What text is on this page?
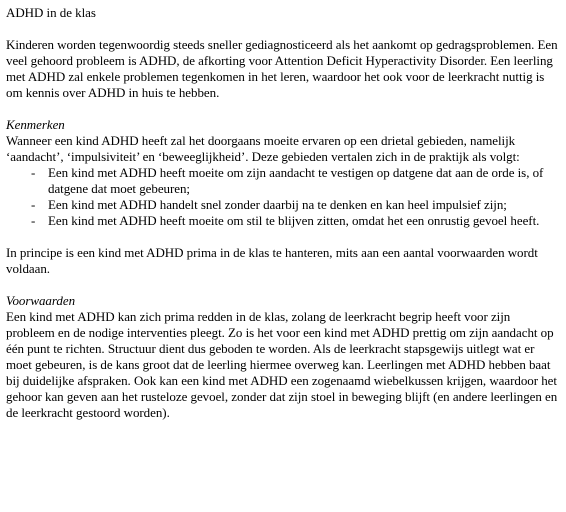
ADHD in de klas

Kinderen worden tegenwoordig steeds sneller gediagnosticeerd als het aankomt op gedragsproblemen. Een veel gehoord probleem is ADHD, de afkorting voor Attention Deficit Hyperactivity Disorder. Een leerling met ADHD zal enkele problemen tegenkomen in het leren, waardoor het ook voor de leerkracht nuttig is om kennis over ADHD in huis te hebben.

Kenmerken

Wanneer een kind ADHD heeft zal het doorgaans moeite ervaren op een drietal gebieden, namelijk ‘aandacht’, ‘impulsiviteit’ en ‘beweeglijkheid’. Deze gebieden vertalen zich in de praktijk als volgt:

- Een kind met ADHD heeft moeite om zijn aandacht te vestigen op datgene dat aan de orde is, of datgene dat moet gebeuren;
- Een kind met ADHD handelt snel zonder daarbij na te denken en kan heel impulsief zijn;
- Een kind met ADHD heeft moeite om stil te blijven zitten, omdat het een onrustig gevoel heeft.

In principe is een kind met ADHD prima in de klas te hanteren, mits aan een aantal voorwaarden wordt voldaan.

Voorwaarden

Een kind met ADHD kan zich prima redden in de klas, zolang de leerkracht begrip heeft voor zijn probleem en de nodige interventies pleegt. Zo is het voor een kind met ADHD prettig om zijn aandacht op één punt te richten. Structuur dient dus geboden te worden. Als de leerkracht stapsgewijs uitlegt wat er moet gebeuren, is de kans groot dat de leerling hiermee overweg kan. Leerlingen met ADHD hebben baat bij duidelijke afspraken. Ook kan een kind met ADHD een zogenaamd wiebelkussen krijgen, waardoor het gehoor kan geven aan het rusteloze gevoel, zonder dat zijn stoel in beweging blijft (en andere leerlingen en de leerkracht gestoord worden).
